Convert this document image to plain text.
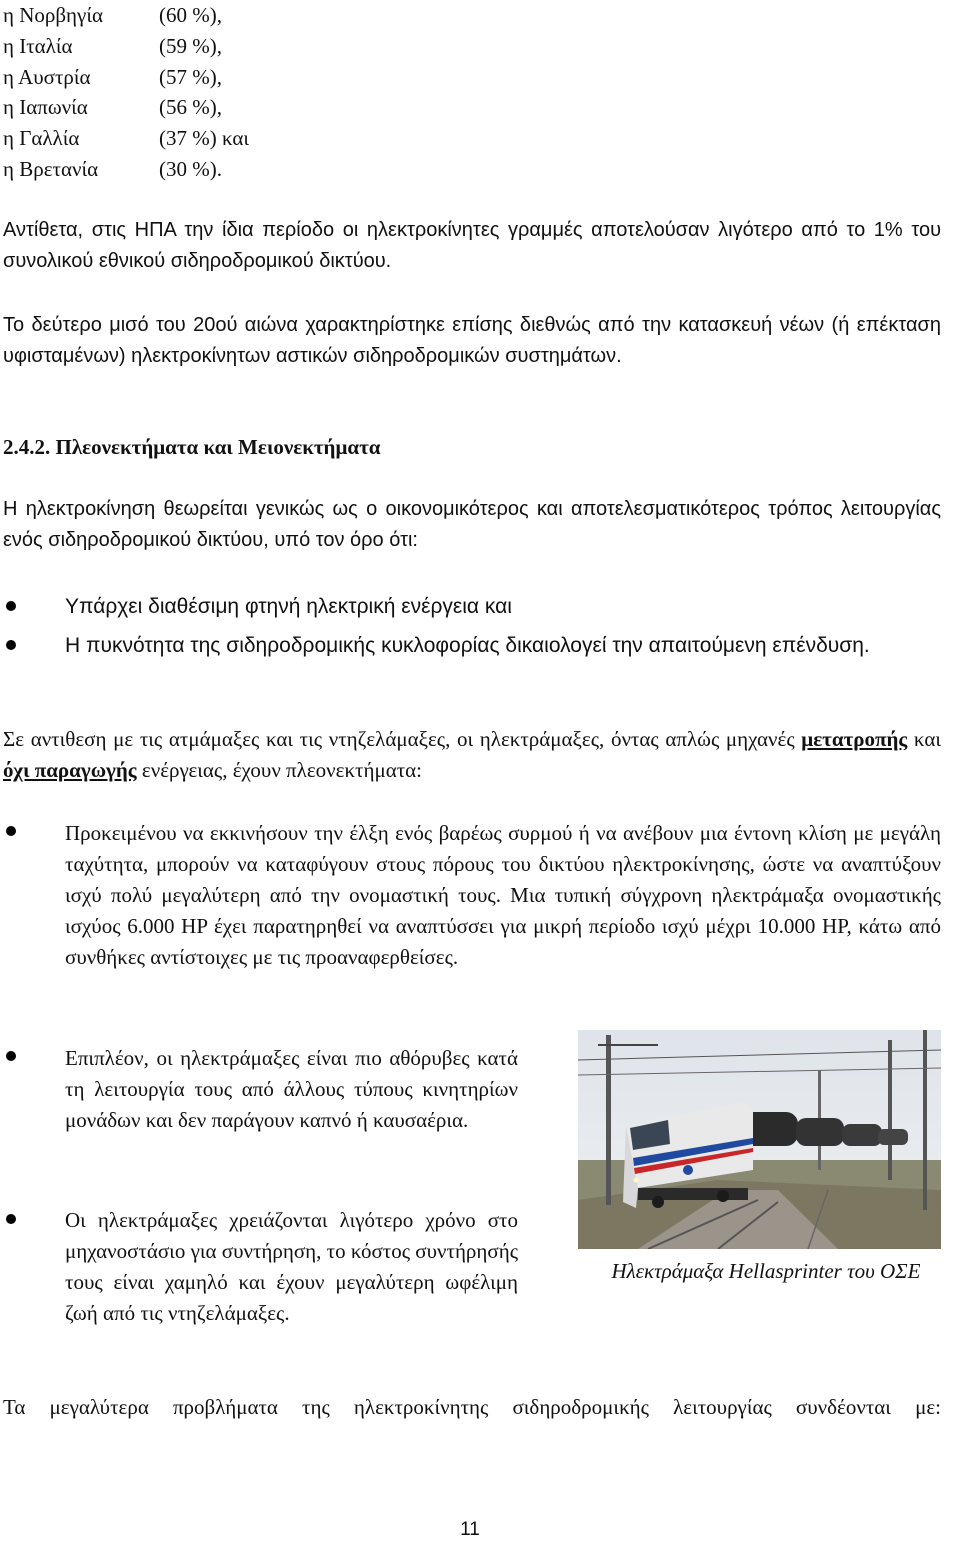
η Νορβηγία	(60 %),
η Ιταλία	(59 %),
η Αυστρία	(57 %),
η Ιαπωνία	(56 %),
η Γαλλία	(37 %) και
η Βρετανία	(30 %).

Αντίθετα, στις ΗΠΑ την ίδια περίοδο οι ηλεκτροκίνητες γραμμές αποτελούσαν λιγότερο από το 1% του συνολικού εθνικού σιδηροδρομικού δικτύου.

Το δεύτερο μισό του 20ού αιώνα χαρακτηρίστηκε επίσης διεθνώς από την κατασκευή νέων (ή επέκταση υφισταμένων) ηλεκτροκίνητων αστικών σιδηροδρομικών συστημάτων.

2.4.2. Πλεονεκτήματα και Μειονεκτήματα

Η ηλεκτροκίνηση θεωρείται γενικώς ως ο οικονομικότερος και αποτελεσματικότερος τρόπος λειτουργίας ενός σιδηροδρομικού δικτύου, υπό τον όρο ότι:

Υπάρχει διαθέσιμη φτηνή ηλεκτρική ενέργεια και

Η πυκνότητα της σιδηροδρομικής κυκλοφορίας δικαιολογεί την απαιτούμενη επένδυση.

Σε αντιθεση με τις ατμάμαξες και τις ντηζελάμαξες, οι ηλεκτράμαξες, όντας απλώς μηχανές μετατροπής και όχι παραγωγής ενέργειας, έχουν πλεονεκτήματα:

Προκειμένου να εκκινήσουν την έλξη ενός βαρέως συρμού ή να ανέβουν μια έντονη κλίση με μεγάλη ταχύτητα, μπορούν να καταφύγουν στους πόρους του δικτύου ηλεκτροκίνησης, ώστε να αναπτύξουν ισχύ πολύ μεγαλύτερη από την ονομαστική τους. Μια τυπική σύγχρονη ηλεκτράμαξα ονομαστικής ισχύος 6.000 HP έχει παρατηρηθεί να αναπτύσσει για μικρή περίοδο ισχύ μέχρι 10.000 HP, κάτω από συνθήκες αντίστοιχες με τις προαναφερθείσες.

Επιπλέον, οι ηλεκτράμαξες είναι πιο αθόρυβες κατά τη λειτουργία τους από άλλους τύπους κινητηρίων μονάδων και δεν παράγουν καπνό ή καυσαέρια.

Οι ηλεκτράμαξες χρειάζονται λιγότερο χρόνο στο μηχανοστάσιο για συντήρηση, το κόστος συντήρησής τους είναι χαμηλό και έχουν μεγαλύτερη ωφέλιμη ζωή από τις ντηζελάμαξες.

Ηλεκτράμαξα Hellasprinter του ΟΣΕ

Τα μεγαλύτερα προβλήματα της ηλεκτροκίνητης σιδηροδρομικής λειτουργίας συνδέονται με:

11
